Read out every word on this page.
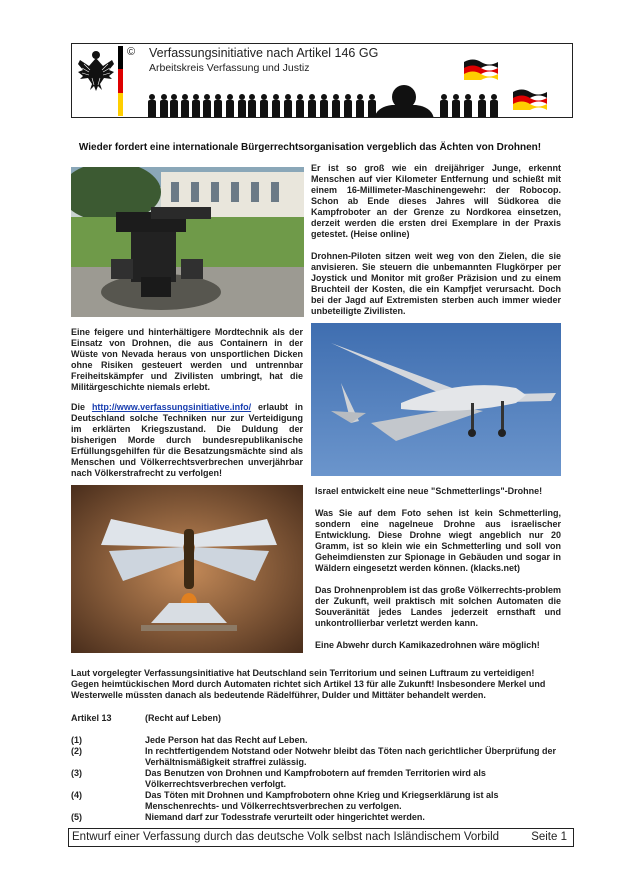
© Verfassungsinitiative nach Artikel 146 GG
Arbeitskreis Verfassung und Justiz
Wieder fordert eine internationale Bürgerrechtsorganisation vergeblich das Ächten von Drohnen!

Er ist so groß wie ein dreijähriger Junge, erkennt Menschen auf vier Kilometer Entfernung und schießt mit einem 16-Millimeter-Maschinengewehr: der Robocop. Schon ab Ende dieses Jahres will Südkorea die Kampfroboter an der Grenze zu Nordkorea einsetzen, derzeit werden die ersten drei Exemplare in der Praxis getestet. (Heise online)

Drohnen-Piloten sitzen weit weg von den Zielen, die sie anvisieren. Sie steuern die unbemannten Flugkörper per Joystick und Monitor mit großer Präzision und zu einem Bruchteil der Kosten, die ein Kampfjet verursacht. Doch bei der Jagd auf Extremisten sterben auch immer wieder unbeteiligte Zivilisten.

Eine feigere und hinterhältigere Mordtechnik als der Einsatz von Drohnen, die aus Containern in der Wüste von Nevada heraus von unsportlichen Dicken ohne Risiken gesteuert werden und untrennbar Freiheitskämpfer und Zivilisten umbringt, hat die Militärgeschichte niemals erlebt.
Die http://www.verfassungsinitiative.info/ erlaubt in Deutschland solche Techniken nur zur Verteidigung im erklärten Kriegszustand. Die Duldung der bisherigen Morde durch bundesrepublikanische Erfüllungsgehilfen für die Besatzungsmächte sind als Menschen und Völkerrechtsverbrechen unverjährbar nach Völkerstrafrecht zu verfolgen!

Israel entwickelt eine neue "Schmetterlings"-Drohne!

Was Sie auf dem Foto sehen ist kein Schmetterling, sondern eine nagelneue Drohne aus israelischer Entwicklung. Diese Drohne wiegt angeblich nur 20 Gramm, ist so klein wie ein Schmetterling und soll von Geheimdiensten zur Spionage in Gebäuden und sogar in Wäldern eingesetzt werden können. (klacks.net)

Das Drohnenproblem ist das große Völkerrechts-problem der Zukunft, weil praktisch mit solchen Automaten die Souveränität jedes Landes jederzeit ernsthaft und unkontrollierbar verletzt werden kann.

Eine Abwehr durch Kamikazedrohnen wäre möglich!

Laut vorgelegter Verfassungsinitiative hat Deutschland sein Territorium und seinen Luftraum zu verteidigen! Gegen heimtückischen Mord durch Automaten richtet sich Artikel 13 für alle Zukunft! Insbesondere Merkel und Westerwelle müssten danach als bedeutende Rädelführer, Dulder und Mittäter behandelt werden.
Artikel 13	(Recht auf Leben)
(1)	Jede Person hat das Recht auf Leben.
(2)	In rechtfertigendem Notstand oder Notwehr bleibt das Töten nach gerichtlicher Überprüfung der Verhältnismäßigkeit straffrei zulässig.
(3)	Das Benutzen von Drohnen und Kampfrobotern auf fremden Territorien wird als Völkerrechtsverbrechen verfolgt.
(4)	Das Töten mit Drohnen und Kampfrobotern ohne Krieg und Kriegserklärung ist als Menschenrechts- und Völkerrechtsverbrechen zu verfolgen.
(5)	Niemand darf zur Todesstrafe verurteilt oder hingerichtet werden.
Entwurf einer Verfassung durch das deutsche Volk selbst nach Isländischem Vorbild	Seite 1
